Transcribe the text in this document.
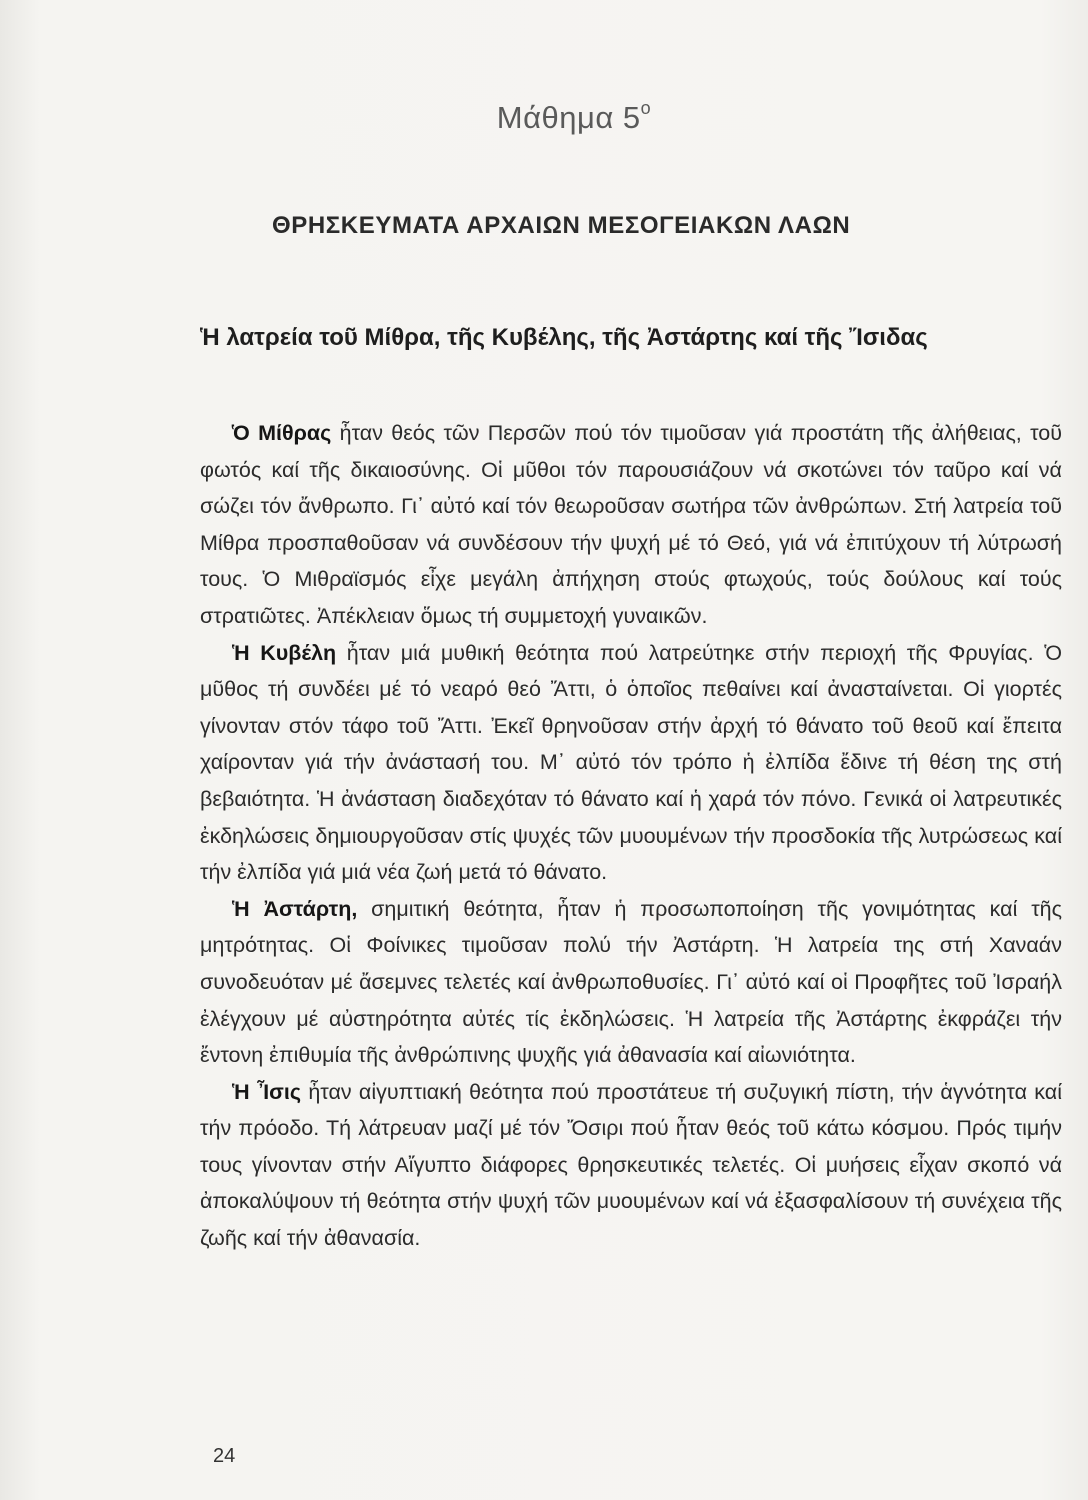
Μάθημα $5^o$
ΘΡΗΣΚΕΥΜΑΤΑ ΑΡΧΑΙΩΝ ΜΕΣΟΓΕΙΑΚΩΝ ΛΑΩΝ
Ἡ λατρεία τοῦ Μίθρα, τῆς Κυβέλης, τῆς Ἀστάρτης καί τῆς Ἴσιδας

Ὁ Μίθρας ἦταν θεός τῶν Περσῶν πού τόν τιμοῦσαν γιά προστάτη τῆς ἀλήθειας, τοῦ φωτός καί τῆς δικαιοσύνης. Οἱ μῦθοι τόν παρουσιάζουν νά σκοτώνει τόν ταῦρο καί νά σώζει τόν ἄνθρωπο. Γι᾿ αὐτό καί τόν θεωροῦσαν σωτήρα τῶν ἀνθρώπων. Στή λατρεία τοῦ Μίθρα προσπαθοῦσαν νά συνδέσουν τήν ψυχή μέ τό Θεό, γιά νά ἐπιτύχουν τή λύτρωσή τους. Ὁ Μιθραϊσμός εἶχε μεγάλη ἀπήχηση στούς φτωχούς, τούς δούλους καί τούς στρατιῶτες. Ἀπέκλειαν ὅμως τή συμμετοχή γυναικῶν.

Ἡ Κυβέλη ἦταν μιά μυθική θεότητα πού λατρεύτηκε στήν περιοχή τῆς Φρυγίας. Ὁ μῦθος τή συνδέει μέ τό νεαρό θεό Ἄττι, ὁ ὁποῖος πεθαίνει καί ἀνασταίνεται. Οἱ γιορτές γίνονταν στόν τάφο τοῦ Ἄττι. Ἐκεῖ θρηνοῦσαν στήν ἀρχή τό θάνατο τοῦ θεοῦ καί ἔπειτα χαίρονταν γιά τήν ἀνάστασή του. Μ᾿ αὐτό τόν τρόπο ἡ ἐλπίδα ἔδινε τή θέση της στή βεβαιότητα. Ἡ ἀνάσταση διαδεχόταν τό θάνατο καί ἡ χαρά τόν πόνο. Γενικά οἱ λατρευτικές ἐκδηλώσεις δημιουργοῦσαν στίς ψυχές τῶν μυουμένων τήν προσδοκία τῆς λυτρώσεως καί τήν ἐλπίδα γιά μιά νέα ζωή μετά τό θάνατο.

Ἡ Ἀστάρτη, σημιτική θεότητα, ἦταν ἡ προσωποποίηση τῆς γονιμότητας καί τῆς μητρότητας. Οἱ Φοίνικες τιμοῦσαν πολύ τήν Ἀστάρτη. Ἡ λατρεία της στή Χαναάν συνοδευόταν μέ ἄσεμνες τελετές καί ἀνθρωποθυσίες. Γι᾿ αὐτό καί οἱ Προφῆτες τοῦ Ἰσραήλ ἐλέγχουν μέ αὐστηρότητα αὐτές τίς ἐκδηλώσεις. Ἡ λατρεία τῆς Ἀστάρτης ἐκφράζει τήν ἔντονη ἐπιθυμία τῆς ἀνθρώπινης ψυχῆς γιά ἀθανασία καί αἰωνιότητα.

Ἡ Ἶσις ἦταν αἰγυπτιακή θεότητα πού προστάτευε τή συζυγική πίστη, τήν ἁγνότητα καί τήν πρόοδο. Τή λάτρευαν μαζί μέ τόν Ὄσιρι πού ἦταν θεός τοῦ κάτω κόσμου. Πρός τιμήν τους γίνονταν στήν Αἴγυπτο διάφορες θρησκευτικές τελετές. Οἱ μυήσεις εἶχαν σκοπό νά ἀποκαλύψουν τή θεότητα στήν ψυχή τῶν μυουμένων καί νά ἐξασφαλίσουν τή συνέχεια τῆς ζωῆς καί τήν ἀθανασία.

24
